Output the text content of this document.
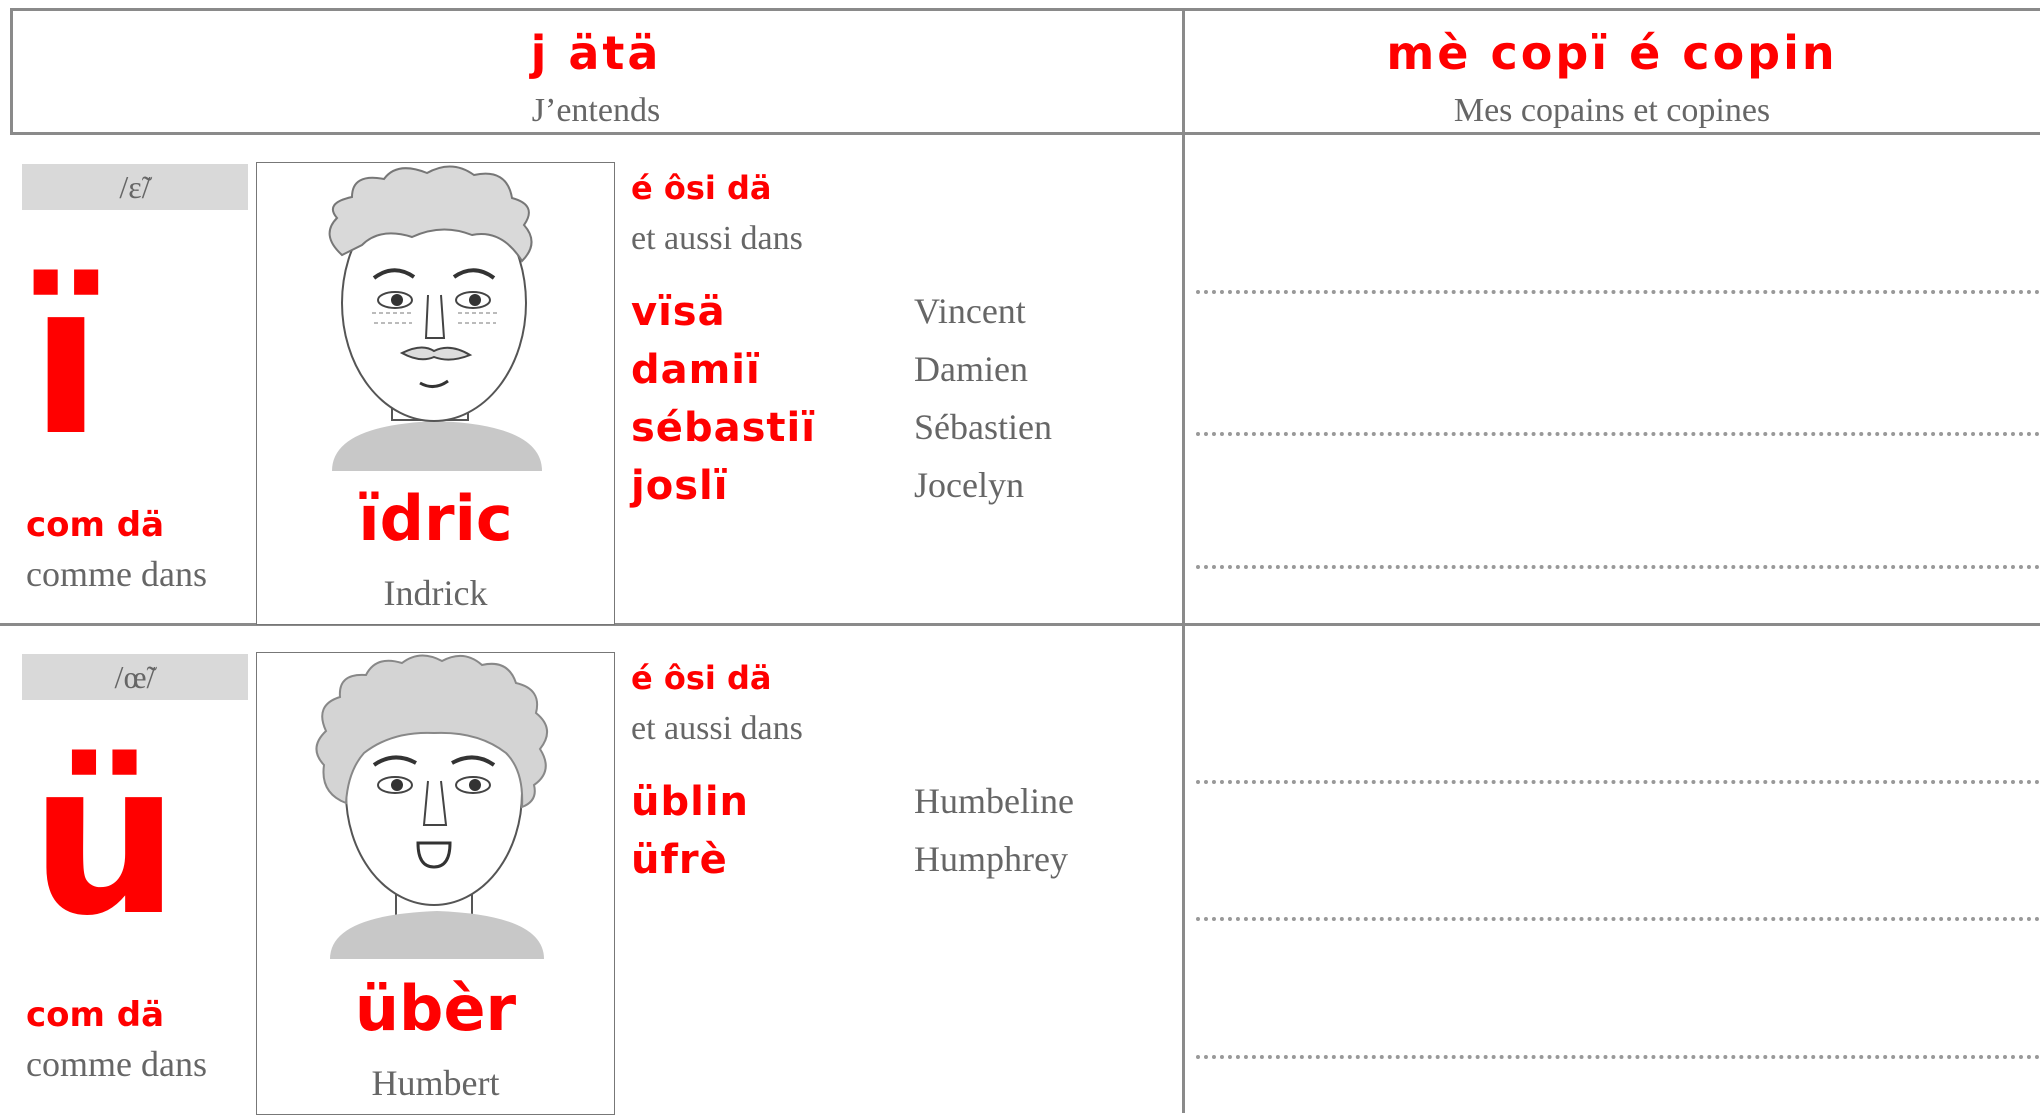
j ätä
J’entends
mè copï é copin
Mes copains et copines
/ɛ̃/
ï
com dä
comme dans
ïdric
Indrick
é ôsi dä
et aussi dans
vïsä	Vincent
damiï	Damien
sébastiï	Sébastien
joslï	Jocelyn
/œ̃/
ü
com dä
comme dans
übèr
Humbert
é ôsi dä
et aussi dans
üblin	Humbeline
üfrè	Humphrey
